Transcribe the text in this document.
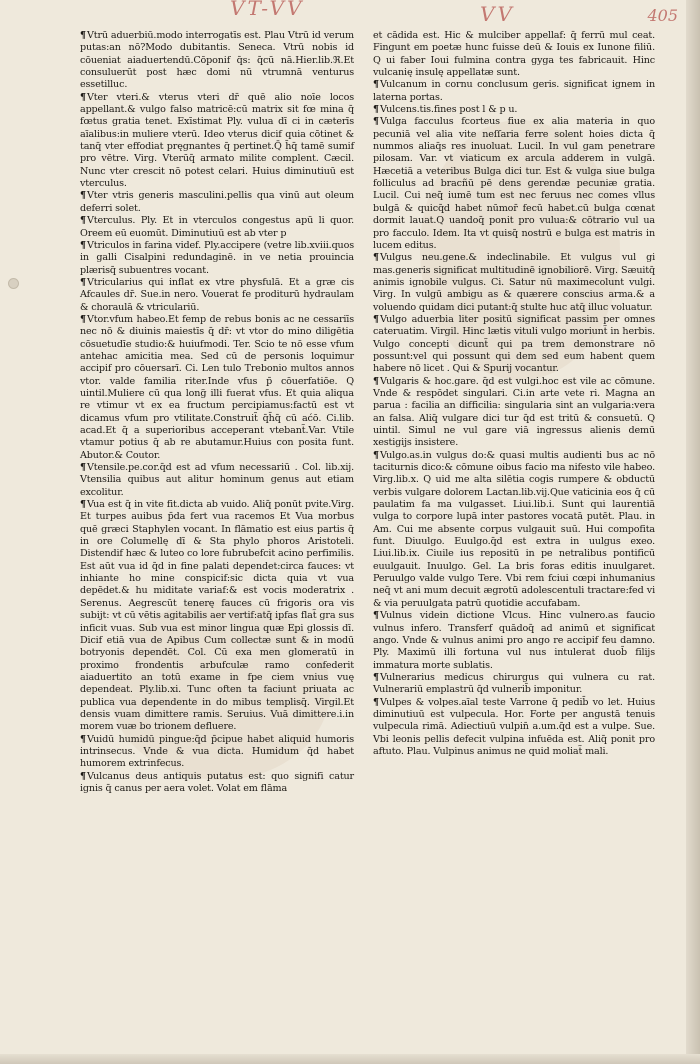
VT-VV	VV	405

¶Vtrū aduerbiū.modo interrogatīs est. Plau Vtrū id verum putas:an nō?Modo dubitantis. Seneca. Vtrū nobis id cōueniat aiaduertendū.Cōponif q̄s: q̄cū nā.Hier.lib.ℜ.Et consuluerūt post hæc domi nū vtrumnā venturus essetilluc.

¶Vter vteri.& vterus vteri dr̄ quē alio noīe locos appellant.& vulgo falso matricē:cū matrix sit fœ mina q̄ fœtus gratia tenet. Exīstimat Ply. vulua dī ci in cæterīs aīalibus:in muliere vterū. Ideo vterus dicif quia cōtinet & tanq̄ vter effodiat pręgnantes q̄ pertinet.Q̄ h̄q̄ tamē sumif pro vētre. Virg. Vterūq̄ armato milite complent. Cæcil. Nunc vter crescit nō potest celari. Huius diminutiuū est vterculus.

¶Vter vtris generis masculini.pellis qua vinū aut oleum deferri solet.

¶Vterculus. Ply. Et in vterculos congestus apū li quor. Oreem eū euomūt. Diminutiuū est ab vter p

¶Vtriculos in farina videf. Ply.accipere (vetre lib.xviii.quos in galli Cisalpini redundaginē. in ve netia prouincia plærisq̄ subuentres vocant.

¶Vtricularius qui inflat ex vtre physfulā. Et a græ cis Afcaules dr̄. Sue.in nero. Vouerat fe proditurū hydraulam & choraulā & vtriculariū.

¶Vtor.vfum habeo.Et femp de rebus bonis ac ne cessariīs nec nō & diuinis maiestīs q̄ dr̄: vt vtor do mino diligētia cōsuetudīe studio:& huiufmodi. Ter. Scio te nō esse vfum antehac amicitia mea. Sed cū de personis loquimur accipif pro cōuersarī. Ci. Len tulo Trebonio multos annos vtor. valde familia riter.Inde vfus p̄ cōuerfatiōe. Q uintil.Muliere cū qua long̃ illi fuerat vfus. Et quia aliqua re vtimur vt ex ea fructum percipiamus:factū est vt dicamus vfum pro vtilitate.Construit̃ q̄h̄q̄ cū aćō. Ci.lib. acad.Et q̄ a superioribus acceperant vtebant̃.Var. Vtile vtamur potius q̄ ab re abutamur.Huius con posita funt. Abutor.& Coutor.

¶Vtensile.pe.cor.q̄d est ad vfum necessariū . Col. lib.xij. Vtensilia quibus aut alitur hominum genus aut etiam excolitur.

¶Vua est q̄ in vite fit.dicta ab vuido. Aliq̄ ponūt pvite.Virg. Et turpes auibus p̄da fert vua racemos Et Vua morbus quē græci Staphylen vocant. In flāmatio est eius partis q̄ in ore Columellę dī & Sta phylo phoros Aristoteli. Distendif hæc & luteo co lore fubrubefcit acino perfimilis. Est aūt vua id q̄d in fine palati dependet:circa fauces: vt inhiante ho mine conspicif:sic dicta quia vt vua depēdet.& hu miditate variaf:& est vocis moderatrix . Serenus. Aegrescūt tenerę fauces cū frigoris ora vis subijt: vt cū vētis agitabilis aer vertif:atq̄ ipfas flat̃ gra sus inficit vuas. Sub vua est minor lingua quæ Epi glossis dī. Dicif etiā vua de Apibus Cum collectæ sunt & in modū botryonis dependēt. Col. Cū exa men glomeratū in proximo frondentis arbufculæ ramo confederit aiaduertito an totū exame in fpe ciem vnius vuę dependeat. Ply.lib.xi. Tunc often ta faciunt priuata ac publica vua dependente in do mibus templisq̄. Virgil.Et densis vuam dimittere ramis. Seruius. Vuā dimittere.i.in morem vuæ bo trionem defluere.

¶Vuidū humidū pingue:q̄d p̄cipue habet aliquid humoris intrinsecus. Vnde & vua dicta. Humidum q̄d habet humorem extrinfecus.

¶Vulcanus deus antiquis putatus est: quo signifi catur ignis q̄ canus per aera volet. Volat em flāma

et cādida est. Hic & mulciber appellaf: q̄ ferrū mul ceat. Fingunt em poetæ hunc fuisse deū & Iouis ex Iunone filiū. Q ui faber Ioui fulmina contra gyga tes fabricauit. Hinc vulcanię insulę appellatæ sunt.

¶Vulcanum in cornu conclusum geris. significat ignem in laterna portas.

¶Vulcens.tis.fines post l & p u.

¶Vulga facculus fcorteus fiue ex alia materia in quo pecuniā vel alia vite neſſaria ferre solent hoies dicta q̄ nummos aliaq̄s res inuoluat. Lucil. In vul gam penetrare pilosam. Var. vt viaticum ex arcula adderem in vulgā. Hæcetiā a veteribus Bulga dici tur. Est & vulga siue bulga folliculus ad bracñū pē dens gerendæ pecuniæ gratia. Lucil. Cui neq̄ iumē tum est nec feruus nec comes vllus bulgā & quicq̄d habet nūmor̄ fecū habet.cū bulga cœnat dormit lauat.Q uandoq̄ ponit pro vulua:& cōtrario vul ua pro facculo. Idem. Ita vt quisq̄ nostrū e bulga est matris in lucem editus.

¶Vulgus neu.gene.& indeclinabile. Et vulgus vul gi mas.generis significat multitudinē ignobiliorē. Virg. Sæuitq̄ animis ignobile vulgus. Ci. Satur nū maximecolunt vulgi. Virg. In vulgū ambigu as & quærere conscius arma.& a voluendo quidam dici putant:q̄ stulte huc atq̄ illuc voluatur.

¶Vulgo aduerbia liter positū significat passim per omnes cateruatim. Virgil. Hinc lætis vituli vulgo moriunt̃ in herbis. Vulgo concepti dicunt̃ qui pa trem demonstrare nō possunt:vel qui possunt qui dem sed eum habent quem habere nō licet . Qui & Spurij vocantur.

¶Vulgaris & hoc.gare. q̄d est vulgi.hoc est vile ac cōmune. Vnde & respōdet singulari. Ci.in arte vete ri. Magna an parua : facilia an difficilia: singularia sint an vulgaria:vera an falsa. Aliq̄ vulgare dici tur q̄d est tritū & consuetū. Q uintil. Simul ne vul gare viā ingressus alienis demū xestigijs insistere.

¶Vulgo.as.in vulgus do:& quasi multis audienti bus ac nō taciturnis dico:& cōmune oibus facio ma nifesto vile habeo. Virg.lib.x. Q uid me alta silētia cogis rumpere & obductū verbis vulgare dolorem Lactan.lib.vij.Que vaticinia eos q̄ cū paulatim fa ma vulgasset. Liui.lib.i. Sunt qui laurentiā vulga to corpore lupā inter pastores vocatā putēt. Plau. in Am. Cui me absente corpus vulgauit suū. Hui compofita funt. Diuulgo. Euulgo.q̄d est extra in uulgus exeo. Liui.lib.ix. Ciuile ius repositū in pe netralibus pontificū euulgauit. Inuulgo. Gel. La bris foras editis inuulgaret. Peruulgo valde vulgo Tere. Vbi rem fciui cœpi inhumanius neq̄ vt ani mum decuit ægrotū adolescentuli tractare:fed vi & via peruulgata patrū quotidie accufabam.

¶Vulnus videin dictione Vlcus. Hinc vulnero.as faucio vulnus infero. Transferf quādoq̄ ad animū et significat ango. Vnde & vulnus animi pro ango re accipif feu damno. Ply. Maximū illi fortuna vul nus intulerat duob̄ filijs immatura morte sublatis.

¶Vulnerarius medicus chirurgus qui vulnera cu rat. Vulnerariū emplastrū q̄d vulnerib̄ imponitur.

¶Vulpes & volpes.aīal teste Varrone q̄ pedib̄ vo let. Huius diminutiuū est vulpecula. Hor. Forte per angustā tenuis vulpecula rimā. Adiectiuū vulpin̄ a.um.q̄d est a vulpe. Sue. Vbi leonis pellis defecit vulpina infuēda est. Aliq̄ ponit pro aftuto. Plau. Vulpinus animus ne quid moliat̃ mali.
